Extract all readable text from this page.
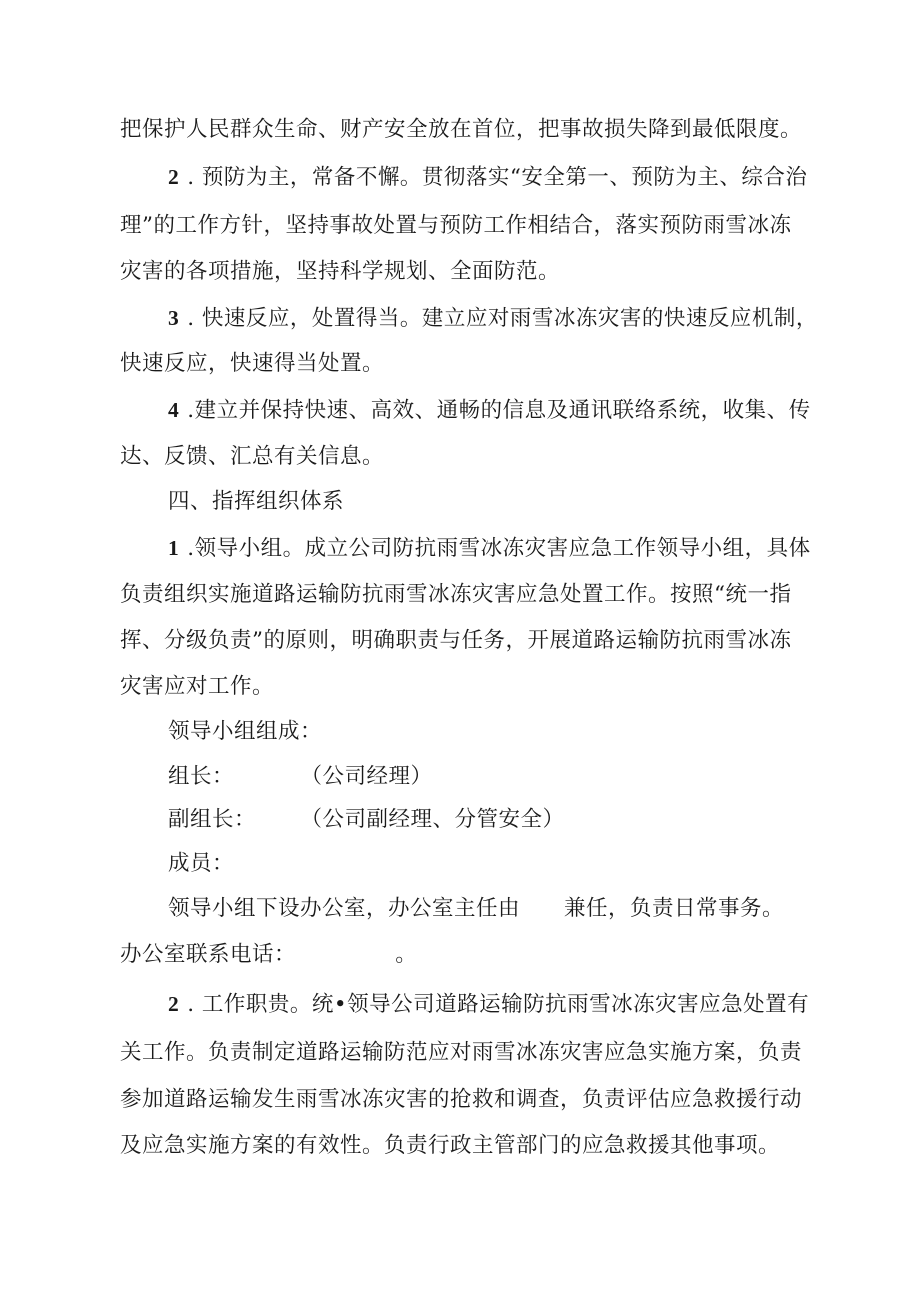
把保护人民群众生命、财产安全放在首位，把事故损失降到最低限度。
2 . 预防为主，常备不懈。贯彻落实“安全第一、预防为主、综合治
理”的工作方针，坚持事故处置与预防工作相结合，落实预防雨雪冰冻
灾害的各项措施，坚持科学规划、全面防范。
3 . 快速反应，处置得当。建立应对雨雪冰冻灾害的快速反应机制，
快速反应，快速得当处置。
4 .建立并保持快速、高效、通畅的信息及通讯联络系统，收集、传
达、反馈、汇总有关信息。
四、指挥组织体系
1 .领导小组。成立公司防抗雨雪冰冻灾害应急工作领导小组，具体
负责组织实施道路运输防抗雨雪冰冻灾害应急处置工作。按照“统一指
挥、分级负责”的原则，明确职责与任务，开展道路运输防抗雨雪冰冻
灾害应对工作。
领导小组组成：
组长：　　　　（公司经理）
副组长：　　　（公司副经理、分管安全）
成员：
领导小组下设办公室，办公室主任由　　兼任，负责日常事务。
办公室联系电话：　　　　　。
2 . 工作职贵。统•领导公司道路运输防抗雨雪冰冻灾害应急处置有
关工作。负责制定道路运输防范应对雨雪冰冻灾害应急实施方案，负责
参加道路运输发生雨雪冰冻灾害的抢救和调查，负责评估应急救援行动
及应急实施方案的有效性。负责行政主管部门的应急救援其他事项。
